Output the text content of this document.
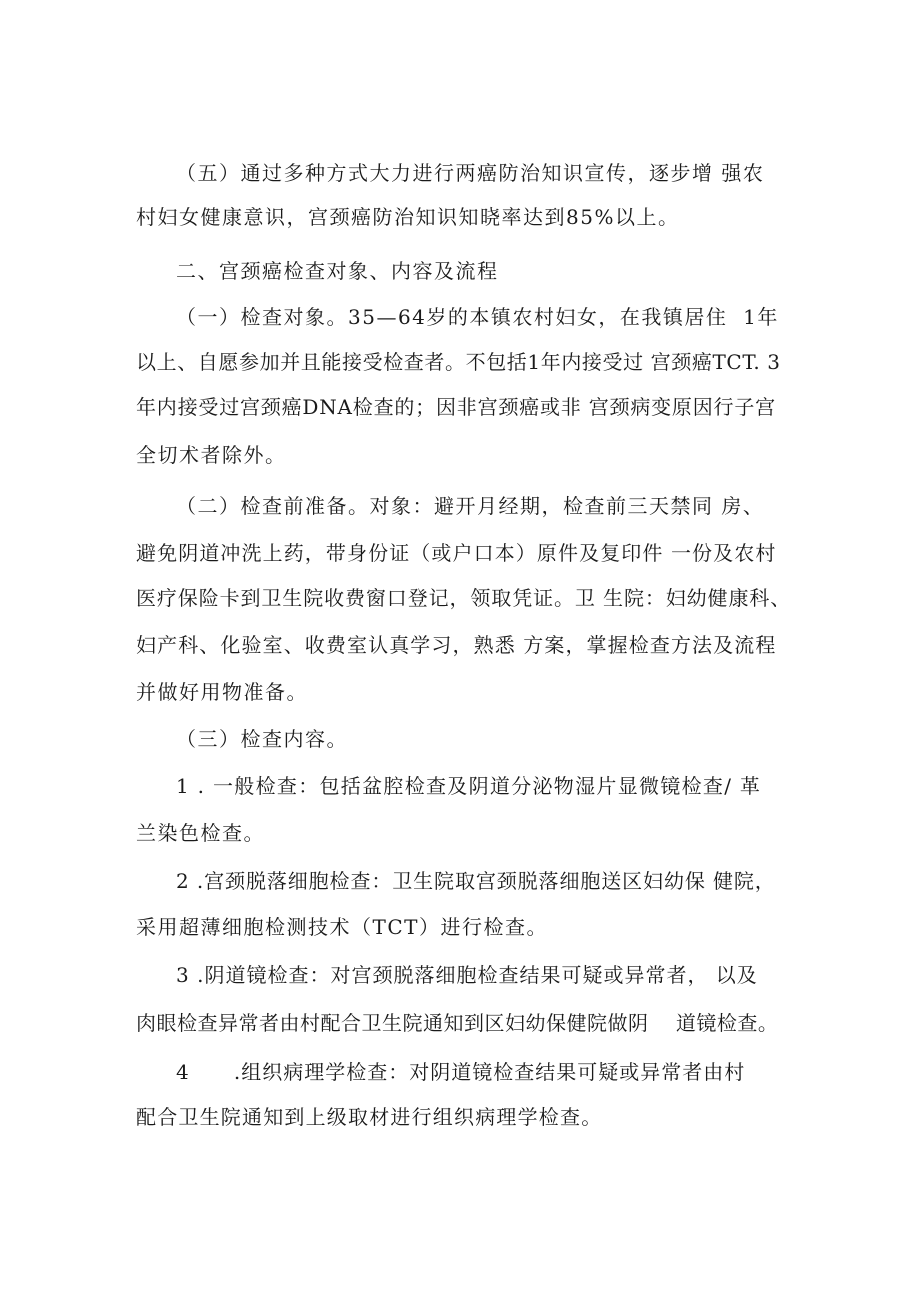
（五）通过多种方式大力进行两癌防治知识宣传，逐步增 强农
村妇女健康意识，宫颈癌防治知识知晓率达到85%以上。
二、宫颈癌检查对象、内容及流程
（一）检查对象。35—64岁的本镇农村妇女，在我镇居住  1年
以上、自愿参加并且能接受检查者。不包括1年内接受过 宫颈癌TCT. 3
年内接受过宫颈癌DNA检查的；因非宫颈癌或非 宫颈病变原因行子宫
全切术者除外。
（二）检查前准备。对象：避开月经期，检查前三天禁同 房、
避免阴道冲洗上药，带身份证（或户口本）原件及复印件 一份及农村
医疗保险卡到卫生院收费窗口登记，领取凭证。卫 生院：妇幼健康科、
妇产科、化验室、收费室认真学习，熟悉 方案，掌握检查方法及流程
并做好用物准备。
（三）检查内容。
1 . 一般检查：包括盆腔检查及阴道分泌物湿片显微镜检查/ 革
兰染色检查。
2 .宫颈脱落细胞检查：卫生院取宫颈脱落细胞送区妇幼保 健院，
采用超薄细胞检测技术（TCT）进行检查。
3 .阴道镜检查：对宫颈脱落细胞检查结果可疑或异常者， 以及
肉眼检查异常者由村配合卫生院通知到区妇幼保健院做阴    道镜检查。
4      .组织病理学检查：对阴道镜检查结果可疑或异常者由村
配合卫生院通知到上级取材进行组织病理学检查。
